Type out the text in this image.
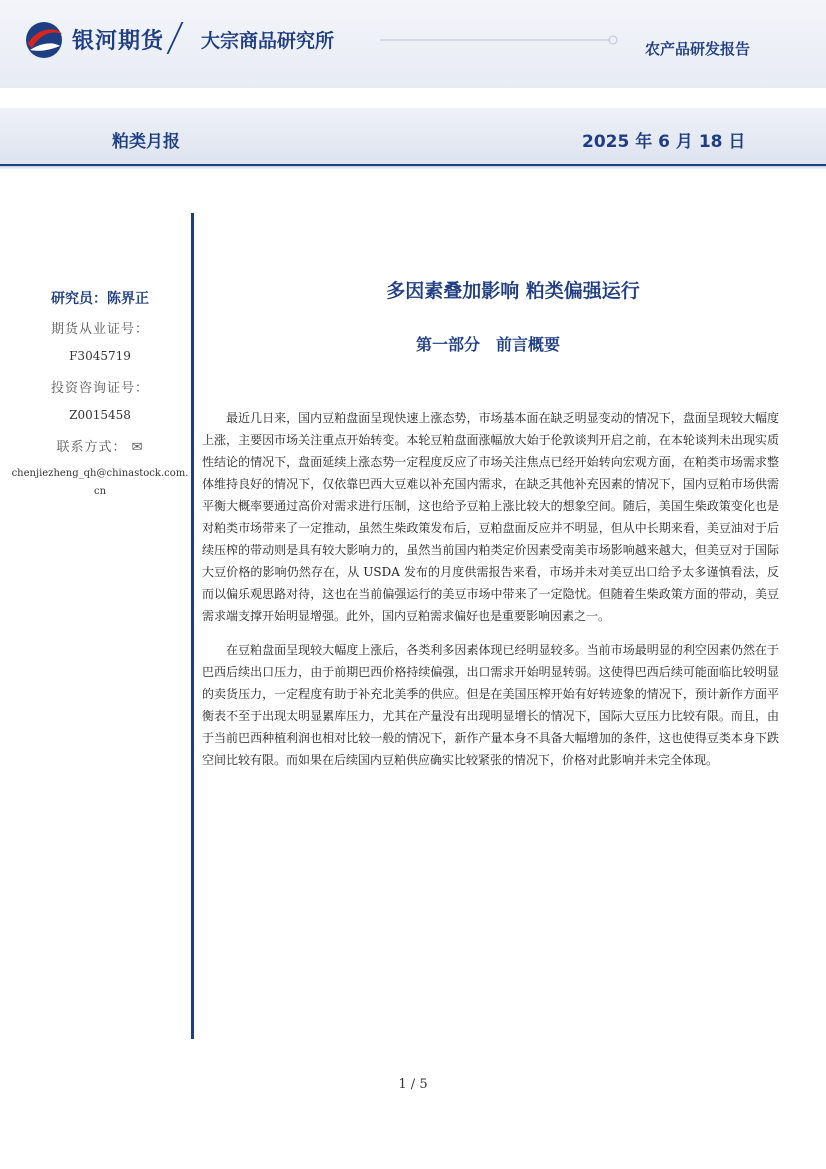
银河期货 大宗商品研究所	农产品研发报告
粕类月报	2025 年 6 月 18 日
研究员：陈界正
期货从业证号：
F3045719
投资咨询证号：
Z0015458
联系方式： ✉
chenjiezheng_qh@chinastock.com.cn
多因素叠加影响 粕类偏强运行
第一部分　前言概要

最近几日来，国内豆粕盘面呈现快速上涨态势，市场基本面在缺乏明显变动的情况下，盘面呈现较大幅度上涨，主要因市场关注重点开始转变。本轮豆粕盘面涨幅放大始于伦敦谈判开启之前，在本轮谈判未出现实质性结论的情况下，盘面延续上涨态势一定程度反应了市场关注焦点已经开始转向宏观方面，在粕类市场需求整体维持良好的情况下，仅依靠巴西大豆难以补充国内需求，在缺乏其他补充因素的情况下，国内豆粕市场供需平衡大概率要通过高价对需求进行压制，这也给予豆粕上涨比较大的想象空间。随后，美国生柴政策变化也是对粕类市场带来了一定推动，虽然生柴政策发布后，豆粕盘面反应并不明显，但从中长期来看，美豆油对于后续压榨的带动则是具有较大影响力的，虽然当前国内粕类定价因素受南美市场影响越来越大，但美豆对于国际大豆价格的影响仍然存在，从 USDA 发布的月度供需报告来看，市场并未对美豆出口给予太多谨慎看法，反而以偏乐观思路对待，这也在当前偏强运行的美豆市场中带来了一定隐忧。但随着生柴政策方面的带动，美豆需求端支撑开始明显增强。此外，国内豆粕需求偏好也是重要影响因素之一。

在豆粕盘面呈现较大幅度上涨后，各类利多因素体现已经明显较多。当前市场最明显的利空因素仍然在于巴西后续出口压力，由于前期巴西价格持续偏强，出口需求开始明显转弱。这使得巴西后续可能面临比较明显的卖货压力，一定程度有助于补充北美季的供应。但是在美国压榨开始有好转迹象的情况下，预计新作方面平衡表不至于出现太明显累库压力，尤其在产量没有出现明显增长的情况下，国际大豆压力比较有限。而且，由于当前巴西种植利润也相对比较一般的情况下，新作产量本身不具备大幅增加的条件，这也使得豆类本身下跌空间比较有限。而如果在后续国内豆粕供应确实比较紧张的情况下，价格对此影响并未完全体现。

1 / 5
